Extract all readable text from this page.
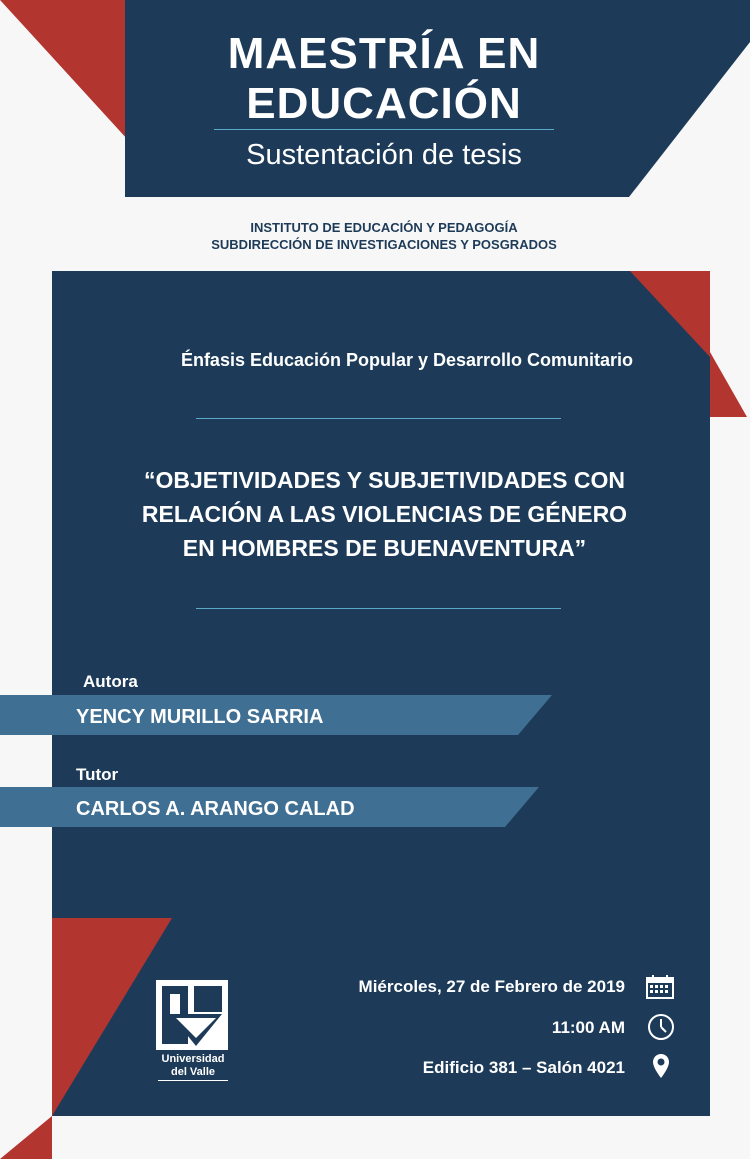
MAESTRÍA EN
EDUCACIÓN
Sustentación de tesis
INSTITUTO DE EDUCACIÓN Y PEDAGOGÍA
SUBDIRECCIÓN DE INVESTIGACIONES Y POSGRADOS
Énfasis Educación Popular y Desarrollo Comunitario
“OBJETIVIDADES Y SUBJETIVIDADES CON
RELACIÓN A LAS VIOLENCIAS DE GÉNERO
EN HOMBRES DE BUENAVENTURA”
Autora
YENCY MURILLO SARRIA
Tutor
CARLOS A. ARANGO CALAD
Universidad
del Valle
Miércoles, 27 de Febrero de 2019
11:00 AM
Edificio 381 – Salón 4021
